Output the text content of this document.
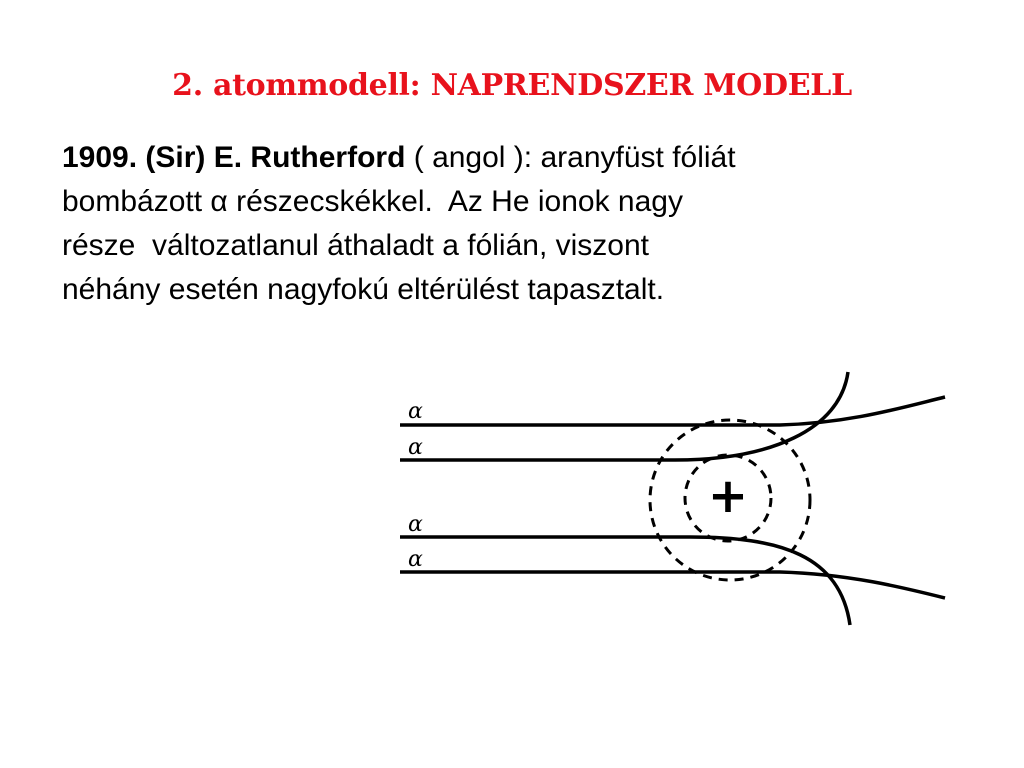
2. atommodell: NAPRENDSZER MODELL
1909. (Sir) E. Rutherford ( angol ): aranyfüst fóliát
bombázott α részecskékkel.  Az He ionok nagy
része  változatlanul áthaladt a fólián, viszont
néhány esetén nagyfokú eltérülést tapasztalt.
α
α
α
α
+
